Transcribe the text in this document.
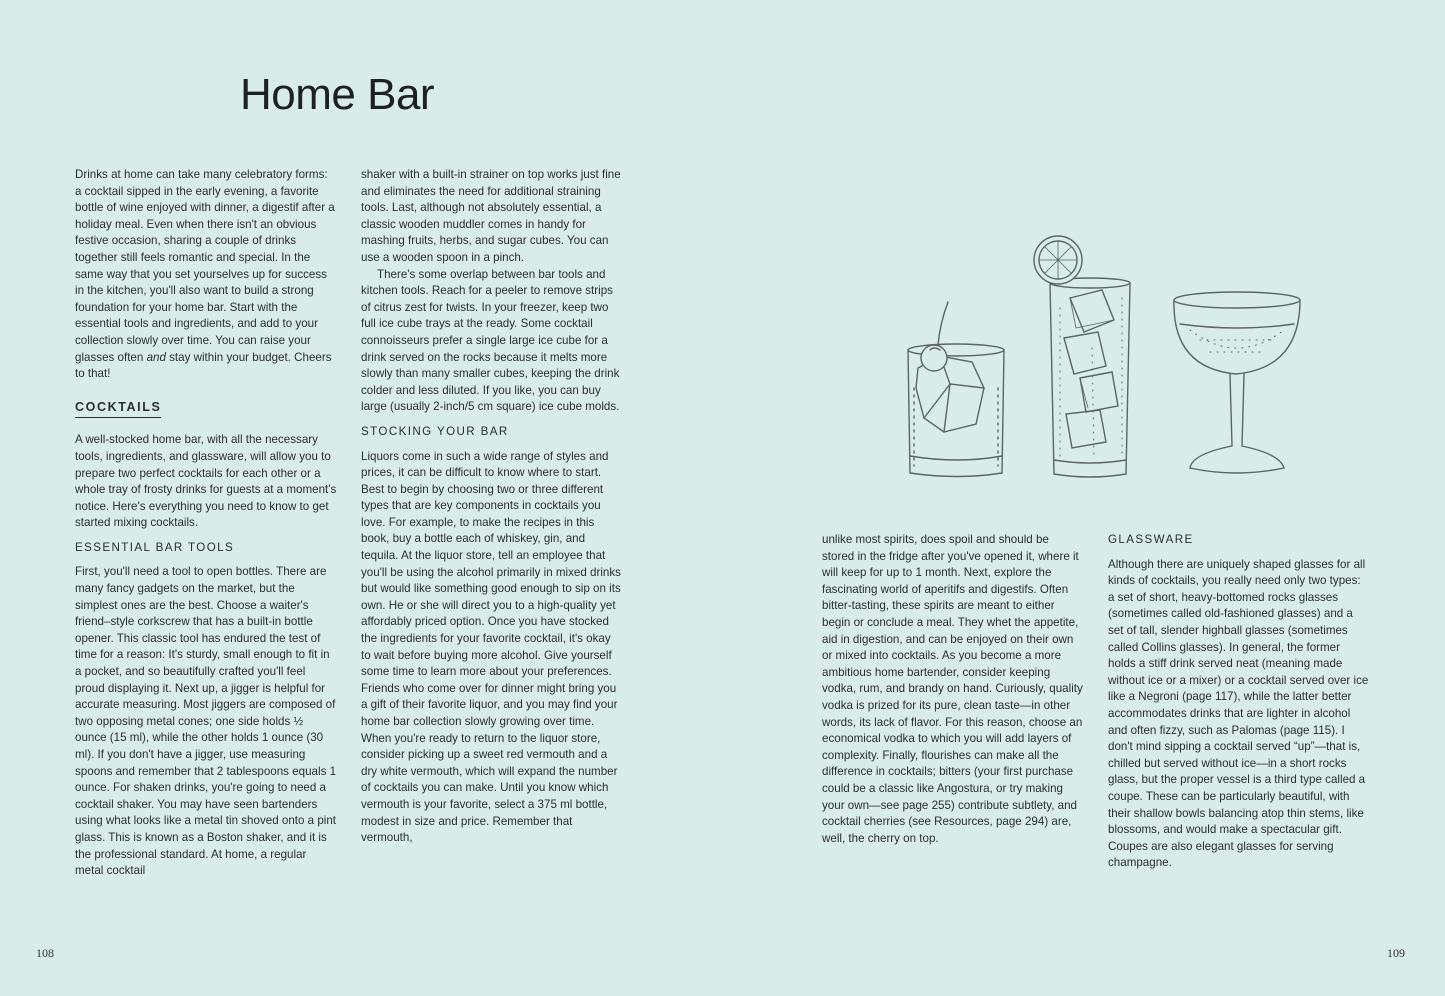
Home Bar

Drinks at home can take many celebratory forms: a cocktail sipped in the early evening, a favorite bottle of wine enjoyed with dinner, a digestif after a holiday meal. Even when there isn't an obvious festive occasion, sharing a couple of drinks together still feels romantic and special. In the same way that you set yourselves up for success in the kitchen, you'll also want to build a strong foundation for your home bar. Start with the essential tools and ingredients, and add to your collection slowly over time. You can raise your glasses often and stay within your budget. Cheers to that!

COCKTAILS

A well-stocked home bar, with all the necessary tools, ingredients, and glassware, will allow you to prepare two perfect cocktails for each other or a whole tray of frosty drinks for guests at a moment's notice. Here's everything you need to know to get started mixing cocktails.

ESSENTIAL BAR TOOLS

First, you'll need a tool to open bottles. There are many fancy gadgets on the market, but the simplest ones are the best. Choose a waiter's friend–style corkscrew that has a built-in bottle opener. This classic tool has endured the test of time for a reason: It's sturdy, small enough to fit in a pocket, and so beautifully crafted you'll feel proud displaying it. Next up, a jigger is helpful for accurate measuring. Most jiggers are composed of two opposing metal cones; one side holds ½ ounce (15 ml), while the other holds 1 ounce (30 ml). If you don't have a jigger, use measuring spoons and remember that 2 tablespoons equals 1 ounce. For shaken drinks, you're going to need a cocktail shaker. You may have seen bartenders using what looks like a metal tin shoved onto a pint glass. This is known as a Boston shaker, and it is the professional standard. At home, a regular metal cocktail

shaker with a built-in strainer on top works just fine and eliminates the need for additional straining tools. Last, although not absolutely essential, a classic wooden muddler comes in handy for mashing fruits, herbs, and sugar cubes. You can use a wooden spoon in a pinch.

There's some overlap between bar tools and kitchen tools. Reach for a peeler to remove strips of citrus zest for twists. In your freezer, keep two full ice cube trays at the ready. Some cocktail connoisseurs prefer a single large ice cube for a drink served on the rocks because it melts more slowly than many smaller cubes, keeping the drink colder and less diluted. If you like, you can buy large (usually 2-inch/5 cm square) ice cube molds.

STOCKING YOUR BAR

Liquors come in such a wide range of styles and prices, it can be difficult to know where to start. Best to begin by choosing two or three different types that are key components in cocktails you love. For example, to make the recipes in this book, buy a bottle each of whiskey, gin, and tequila. At the liquor store, tell an employee that you'll be using the alcohol primarily in mixed drinks but would like something good enough to sip on its own. He or she will direct you to a high-quality yet affordably priced option. Once you have stocked the ingredients for your favorite cocktail, it's okay to wait before buying more alcohol. Give yourself some time to learn more about your preferences. Friends who come over for dinner might bring you a gift of their favorite liquor, and you may find your home bar collection slowly growing over time. When you're ready to return to the liquor store, consider picking up a sweet red vermouth and a dry white vermouth, which will expand the number of cocktails you can make. Until you know which vermouth is your favorite, select a 375 ml bottle, modest in size and price. Remember that vermouth,

unlike most spirits, does spoil and should be stored in the fridge after you've opened it, where it will keep for up to 1 month. Next, explore the fascinating world of aperitifs and digestifs. Often bitter-tasting, these spirits are meant to either begin or conclude a meal. They whet the appetite, aid in digestion, and can be enjoyed on their own or mixed into cocktails. As you become a more ambitious home bartender, consider keeping vodka, rum, and brandy on hand. Curiously, quality vodka is prized for its pure, clean taste—in other words, its lack of flavor. For this reason, choose an economical vodka to which you will add layers of complexity. Finally, flourishes can make all the difference in cocktails; bitters (your first purchase could be a classic like Angostura, or try making your own—see page 255) contribute subtlety, and cocktail cherries (see Resources, page 294) are, well, the cherry on top.

GLASSWARE

Although there are uniquely shaped glasses for all kinds of cocktails, you really need only two types: a set of short, heavy-bottomed rocks glasses (sometimes called old-fashioned glasses) and a set of tall, slender highball glasses (sometimes called Collins glasses). In general, the former holds a stiff drink served neat (meaning made without ice or a mixer) or a cocktail served over ice like a Negroni (page 117), while the latter better accommodates drinks that are lighter in alcohol and often fizzy, such as Palomas (page 115). I don't mind sipping a cocktail served “up”—that is, chilled but served without ice—in a short rocks glass, but the proper vessel is a third type called a coupe. These can be particularly beautiful, with their shallow bowls balancing atop thin stems, like blossoms, and would make a spectacular gift. Coupes are also elegant glasses for serving champagne.

108	109
